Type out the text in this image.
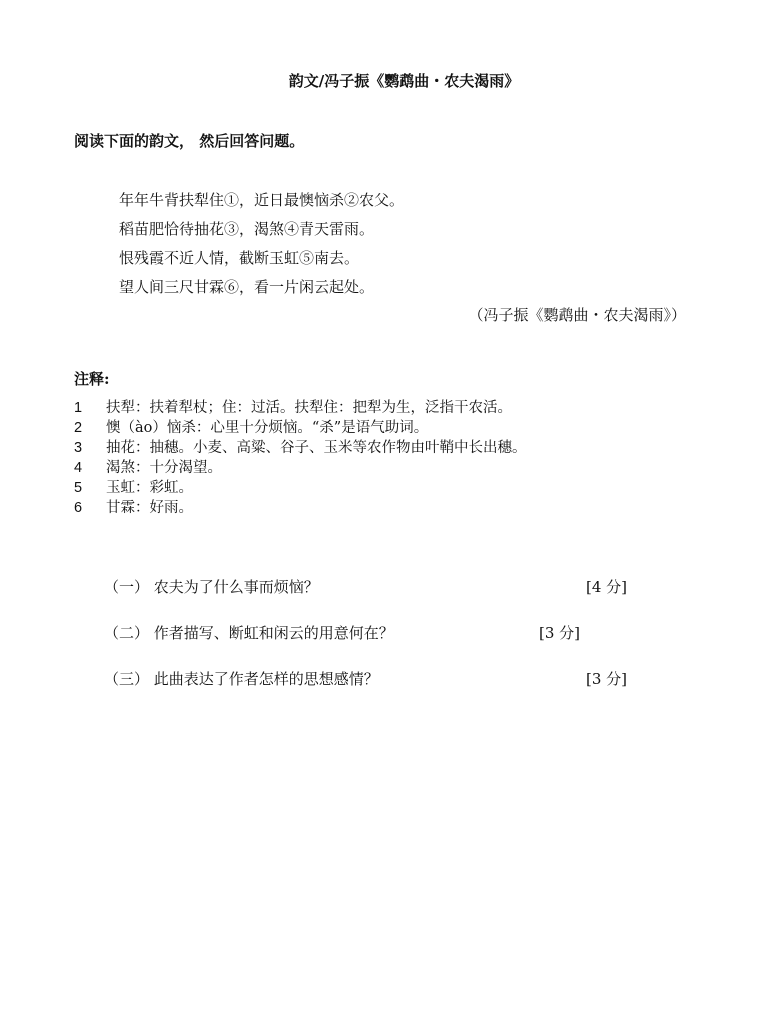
韵文/冯子振《鹦鹉曲・农夫渴雨》
阅读下面的韵文， 然后回答问题。
年年牛背扶犁住①，近日最懊恼杀②农父。
稻苗肥恰待抽花③，渴煞④青天雷雨。
恨残霞不近人情，截断玉虹⑤南去。
望人间三尺甘霖⑥，看一片闲云起处。
（冯子振《鹦鹉曲・农夫渴雨》）
注释:
1 扶犁：扶着犁杖；住：过活。扶犁住：把犁为生，泛指干农活。
2 懊（ào）恼杀：心里十分烦恼。“杀”是语气助词。
3 抽花：抽穗。小麦、高粱、谷子、玉米等农作物由叶鞘中长出穗。
4 渴煞：十分渴望。
5 玉虹：彩虹。
6 甘霖：好雨。
（一） 农夫为了什么事而烦恼？	[4 分]
（二） 作者描写、断虹和闲云的用意何在？	[3 分]
（三） 此曲表达了作者怎样的思想感情？	[3 分]
